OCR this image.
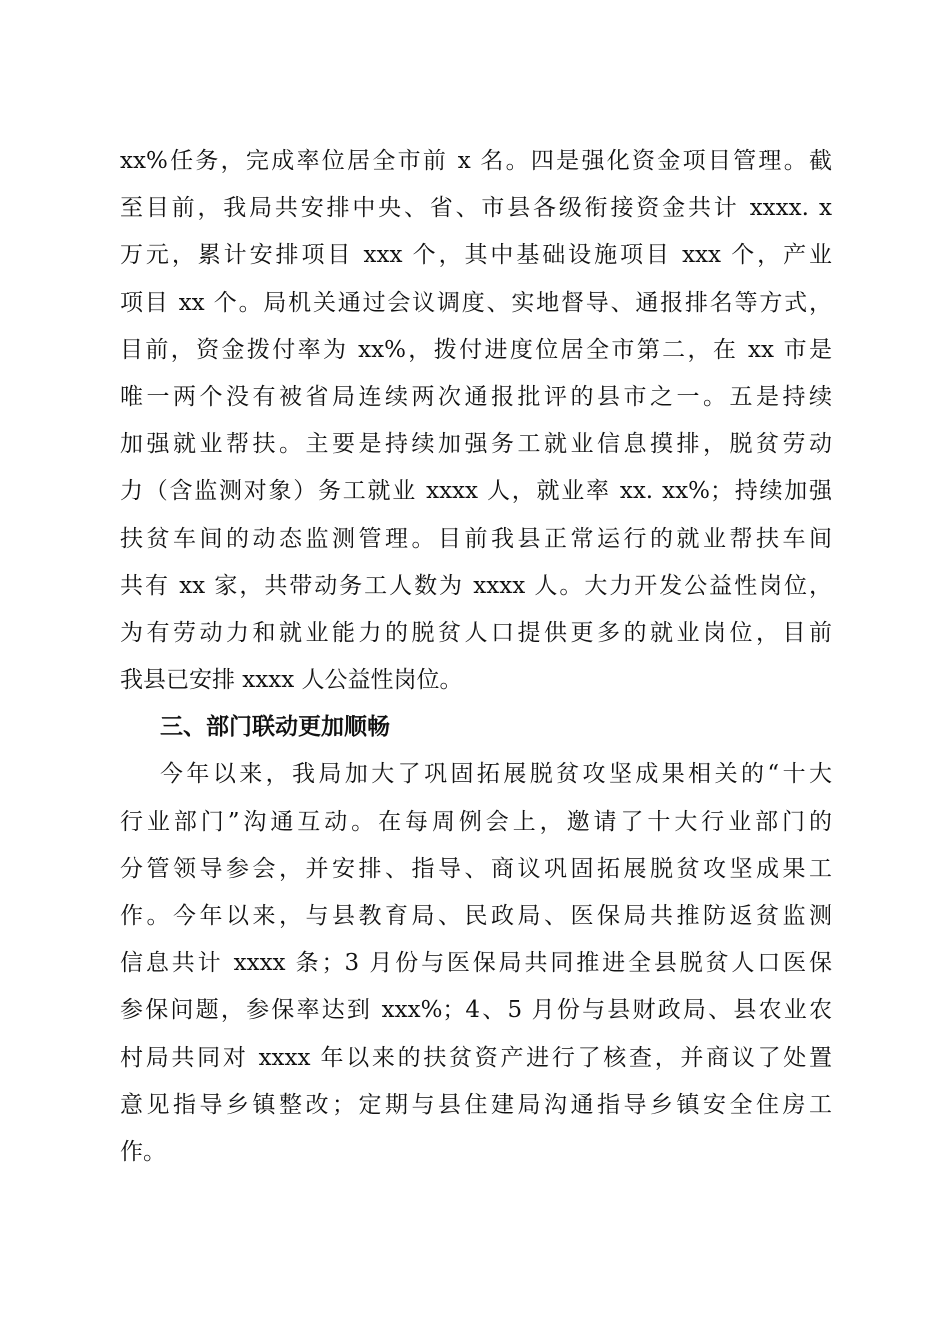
xx%任务，完成率位居全市前 x 名。四是强化资金项目管理。截
至目前，我局共安排中央、省、市县各级衔接资金共计 xxxx. x
万元，累计安排项目 xxx 个，其中基础设施项目 xxx 个，产业
项目 xx 个。局机关通过会议调度、实地督导、通报排名等方式，
目前，资金拨付率为 xx%，拨付进度位居全市第二，在 xx 市是
唯一两个没有被省局连续两次通报批评的县市之一。五是持续
加强就业帮扶。主要是持续加强务工就业信息摸排，脱贫劳动
力（含监测对象）务工就业 xxxx 人，就业率 xx. xx%；持续加强
扶贫车间的动态监测管理。目前我县正常运行的就业帮扶车间
共有 xx 家，共带动务工人数为 xxxx 人。大力开发公益性岗位，
为有劳动力和就业能力的脱贫人口提供更多的就业岗位，目前
我县已安排 xxxx 人公益性岗位。
三、部门联动更加顺畅
今年以来，我局加大了巩固拓展脱贫攻坚成果相关的“十大
行业部门”沟通互动。在每周例会上，邀请了十大行业部门的
分管领导参会，并安排、指导、商议巩固拓展脱贫攻坚成果工
作。今年以来，与县教育局、民政局、医保局共推防返贫监测
信息共计 xxxx 条；3 月份与医保局共同推进全县脱贫人口医保
参保问题，参保率达到 xxx%；4、5 月份与县财政局、县农业农
村局共同对 xxxx 年以来的扶贫资产进行了核查，并商议了处置
意见指导乡镇整改；定期与县住建局沟通指导乡镇安全住房工
作。
